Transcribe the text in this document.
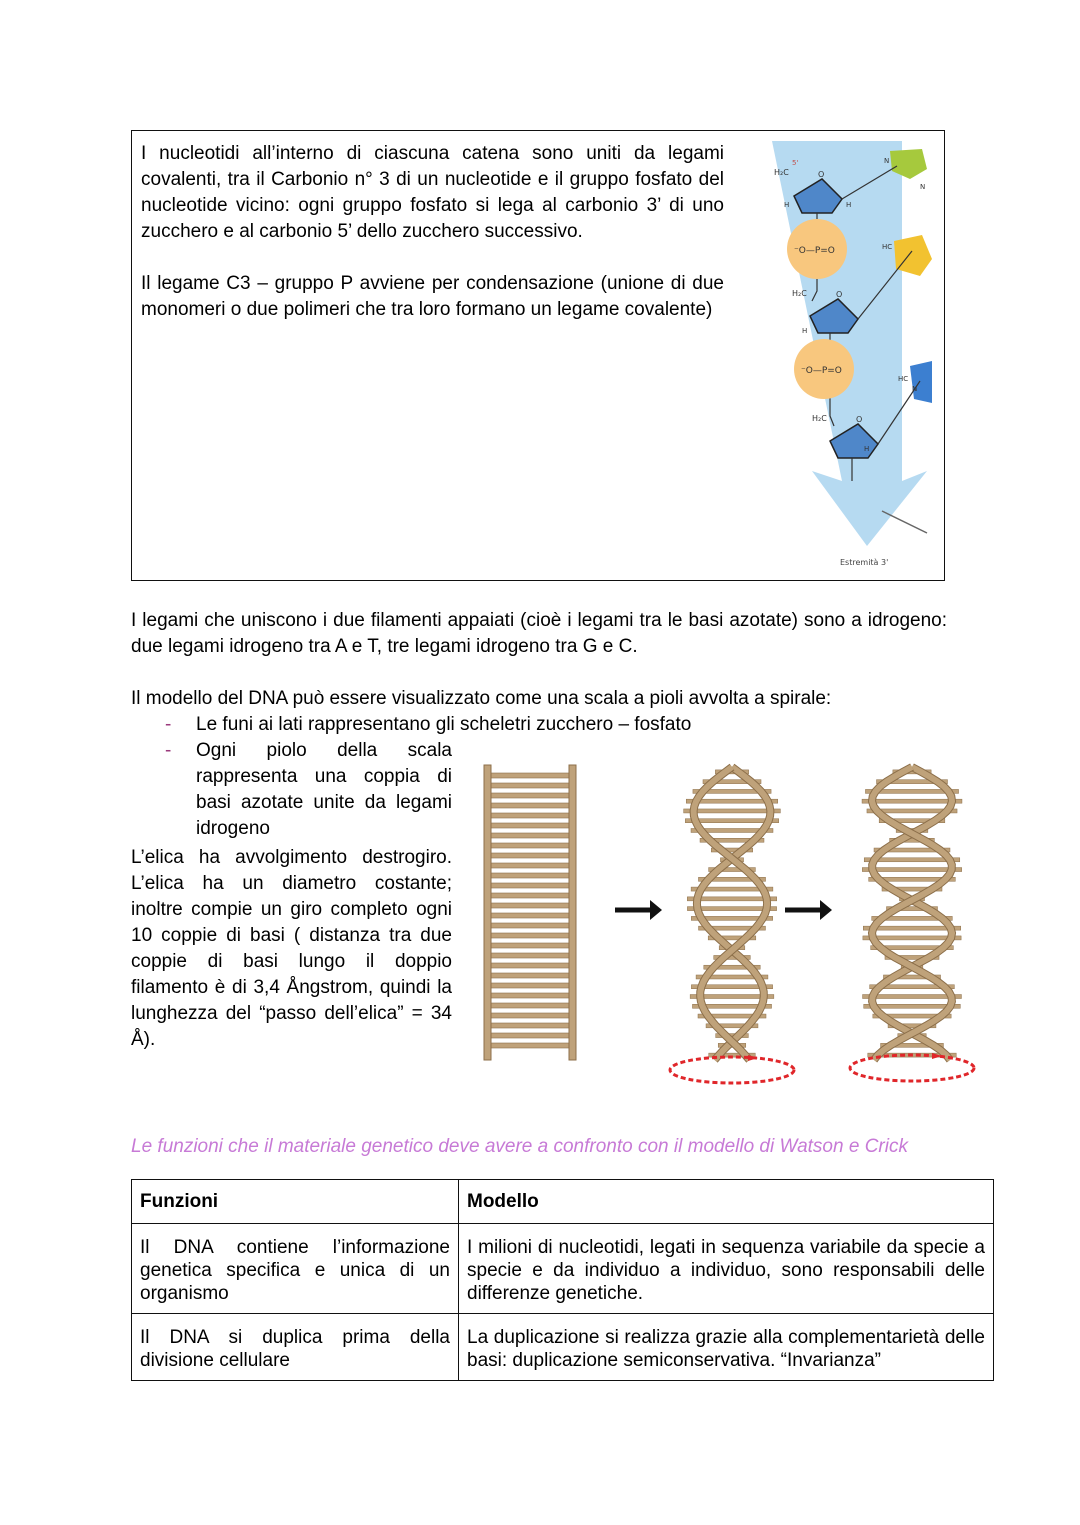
I nucleotidi all’interno di ciascuna catena sono uniti da legami covalenti, tra il Carbonio n° 3 di un nucleotide e il gruppo fosfato del nucleotide vicino: ogni gruppo fosfato si lega al carbonio 3’ di uno zucchero e al carbonio 5’ dello zucchero successivo.

Il legame C3 – gruppo P avviene per condensazione (unione di due monomeri o due polimeri che tra loro formano un legame covalente)

⁻O—P=O
⁻O—P=O
H₂C
H₂C
H₂C
5'
O
O
O
H	H
H
H
HC
HC
N
N
N
Estremità 3'

I legami che uniscono i due filamenti appaiati (cioè i legami tra le basi azotate) sono a idrogeno: due legami idrogeno tra A e T, tre legami idrogeno tra G e C.

Il modello del DNA può essere visualizzato come una scala a pioli avvolta a spirale:
- Le funi ai lati rappresentano gli scheletri zucchero – fosfato
- Ogni piolo della scala
rappresenta una coppia di
basi azotate unite da legami
idrogeno

L’elica ha avvolgimento destrogiro. L’elica ha un diametro costante; inoltre compie un giro completo ogni 10 coppie di basi ( distanza tra due coppie di basi lungo il doppio filamento è di 3,4 Ångstrom, quindi la lunghezza del “passo dell’elica” = 34 Å).

Le funzioni che il materiale genetico deve avere a confronto con il modello di Watson e Crick
Funzioni	Modello
Il DNA contiene l’informazione genetica specifica e unica di un organismo	I milioni di nucleotidi, legati in sequenza variabile da specie a specie e da individuo a individuo, sono responsabili delle differenze genetiche.
Il DNA si duplica prima della divisione cellulare	La duplicazione si realizza grazie alla complementarietà delle basi: duplicazione semiconservativa. “Invarianza”
